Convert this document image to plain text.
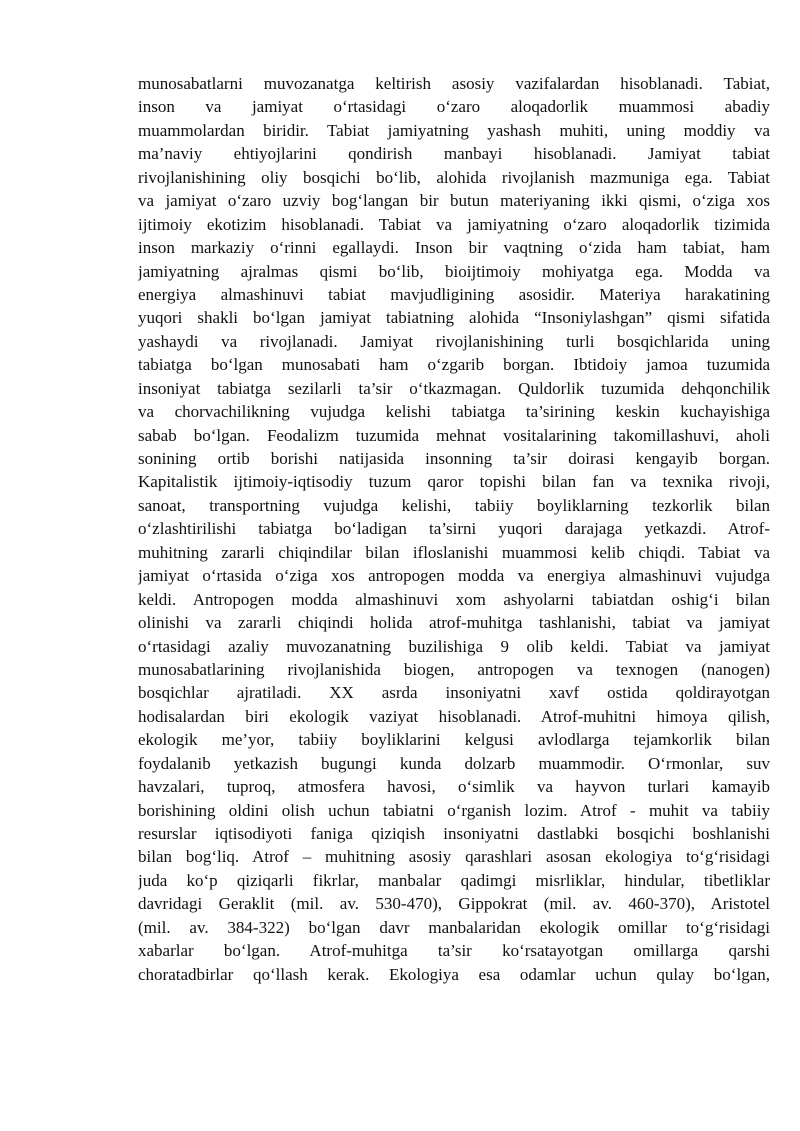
munosabatlarni muvozanatga keltirish asosiy vazifalardan hisoblanadi. Tabiat,
inson va jamiyat o‘rtasidagi o‘zaro aloqadorlik muammosi abadiy
muammolardan biridir. Tabiat jamiyatning yashash muhiti, uning moddiy va
ma’naviy ehtiyojlarini qondirish manbayi hisoblanadi. Jamiyat tabiat
rivojlanishining oliy bosqichi bo‘lib, alohida rivojlanish mazmuniga ega. Tabiat
va jamiyat o‘zaro uzviy bog‘langan bir butun materiyaning ikki qismi, o‘ziga xos
ijtimoiy ekotizim hisoblanadi. Tabiat va jamiyatning o‘zaro aloqadorlik tizimida
inson markaziy o‘rinni egallaydi. Inson bir vaqtning o‘zida ham tabiat, ham
jamiyatning ajralmas qismi bo‘lib, bioijtimoiy mohiyatga ega. Modda va
energiya almashinuvi tabiat mavjudligining asosidir. Materiya harakatining
yuqori shakli bo‘lgan jamiyat tabiatning alohida “Insoniylashgan” qismi sifatida
yashaydi va rivojlanadi. Jamiyat rivojlanishining turli bosqichlarida uning
tabiatga bo‘lgan munosabati ham o‘zgarib borgan. Ibtidoiy jamoa tuzumida
insoniyat tabiatga sezilarli ta’sir o‘tkazmagan. Quldorlik tuzumida dehqonchilik
va chorvachilikning vujudga kelishi tabiatga ta’sirining keskin kuchayishiga
sabab bo‘lgan. Feodalizm tuzumida mehnat vositalarining takomillashuvi, aholi
sonining ortib borishi natijasida insonning ta’sir doirasi kengayib borgan.
Kapitalistik ijtimoiy-iqtisodiy tuzum qaror topishi bilan fan va texnika rivoji,
sanoat, transportning vujudga kelishi, tabiiy boyliklarning tezkorlik bilan
o‘zlashtirilishi tabiatga bo‘ladigan ta’sirni yuqori darajaga yetkazdi. Atrof-
muhitning zararli chiqindilar bilan ifloslanishi muammosi kelib chiqdi. Tabiat va
jamiyat o‘rtasida o‘ziga xos antropogen modda va energiya almashinuvi vujudga
keldi. Antropogen modda almashinuvi xom ashyolarni tabiatdan oshig‘i bilan
olinishi va zararli chiqindi holida atrof-muhitga tashlanishi, tabiat va jamiyat
o‘rtasidagi azaliy muvozanatning buzilishiga 9 olib keldi. Tabiat va jamiyat
munosabatlarining rivojlanishida biogen, antropogen va texnogen (nanogen)
bosqichlar ajratiladi. XX asrda insoniyatni xavf ostida qoldirayotgan
hodisalardan biri ekologik vaziyat hisoblanadi. Atrof-muhitni himoya qilish,
ekologik me’yor, tabiiy boyliklarini kelgusi avlodlarga tejamkorlik bilan
foydalanib yetkazish bugungi kunda dolzarb muammodir. O‘rmonlar, suv
havzalari, tuproq, atmosfera havosi, o‘simlik va hayvon turlari kamayib
borishining oldini olish uchun tabiatni o‘rganish lozim. Atrof - muhit va tabiiy
resurslar iqtisodiyoti faniga qiziqish insoniyatni dastlabki bosqichi boshlanishi
bilan bog‘liq. Atrof – muhitning asosiy qarashlari asosan ekologiya to‘g‘risidagi
juda ko‘p qiziqarli fikrlar, manbalar qadimgi misrliklar, hindular, tibetliklar
davridagi Geraklit (mil. av. 530-470), Gippokrat (mil. av. 460-370), Aristotel
(mil. av. 384-322) bo‘lgan davr manbalaridan ekologik omillar to‘g‘risidagi
xabarlar bo‘lgan. Atrof-muhitga ta’sir ko‘rsatayotgan omillarga qarshi
choratadbirlar qo‘llash kerak. Ekologiya esa odamlar uchun qulay bo‘lgan,
